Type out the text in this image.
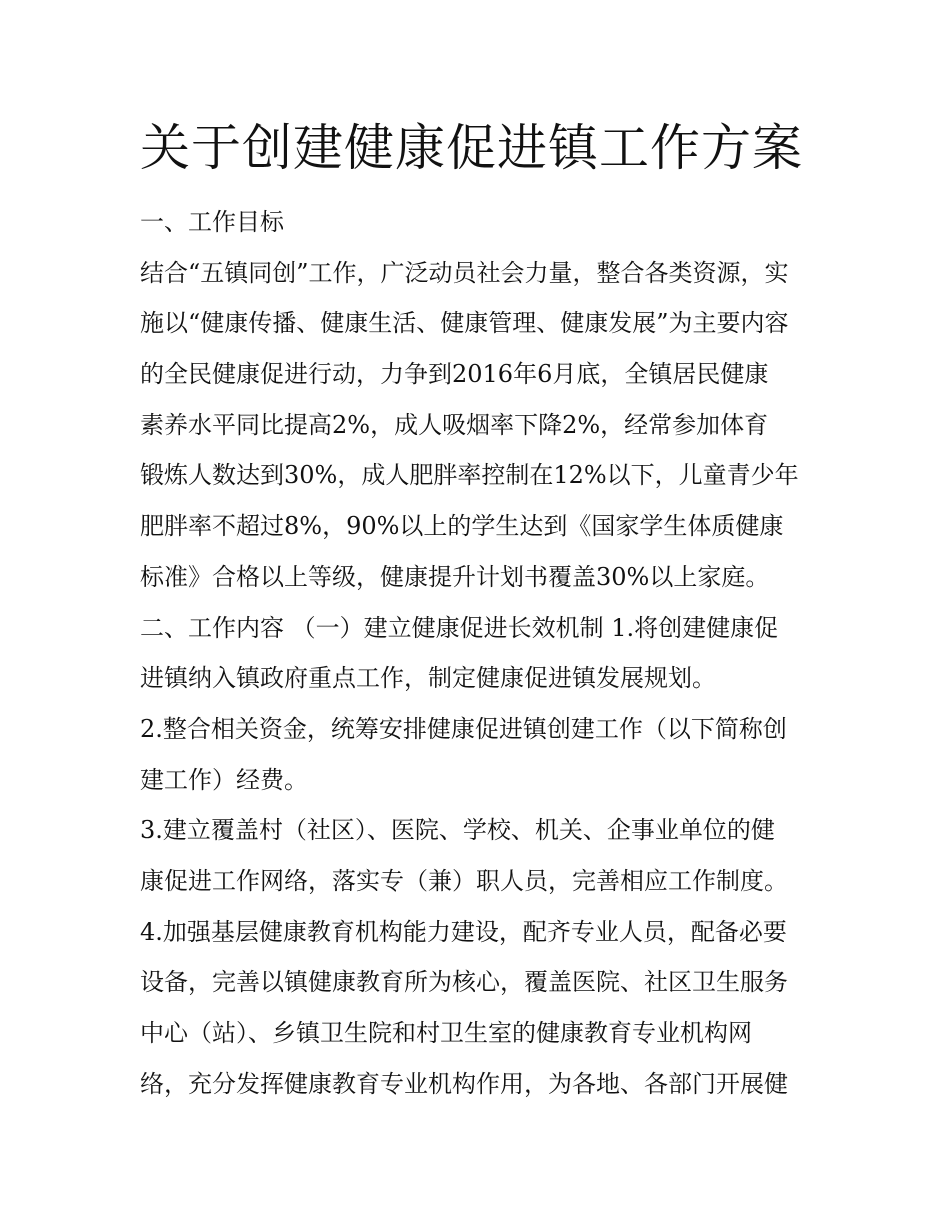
关于创建健康促进镇工作方案
一、工作目标
结合“五镇同创”工作，广泛动员社会力量，整合各类资源，实
施以“健康传播、健康生活、健康管理、健康发展”为主要内容
的全民健康促进行动，力争到2016年6月底，全镇居民健康
素养水平同比提高2%，成人吸烟率下降2%，经常参加体育
锻炼人数达到30%，成人肥胖率控制在12%以下，儿童青少年
肥胖率不超过8%，90%以上的学生达到《国家学生体质健康
标准》合格以上等级，健康提升计划书覆盖30%以上家庭。
二、工作内容 （一）建立健康促进长效机制 1.将创建健康促
进镇纳入镇政府重点工作，制定健康促进镇发展规划。
2.整合相关资金，统筹安排健康促进镇创建工作（以下简称创
建工作）经费。
3.建立覆盖村（社区）、医院、学校、机关、企事业单位的健
康促进工作网络，落实专（兼）职人员，完善相应工作制度。
4.加强基层健康教育机构能力建设，配齐专业人员，配备必要
设备，完善以镇健康教育所为核心，覆盖医院、社区卫生服务
中心（站）、乡镇卫生院和村卫生室的健康教育专业机构网
络，充分发挥健康教育专业机构作用，为各地、各部门开展健
